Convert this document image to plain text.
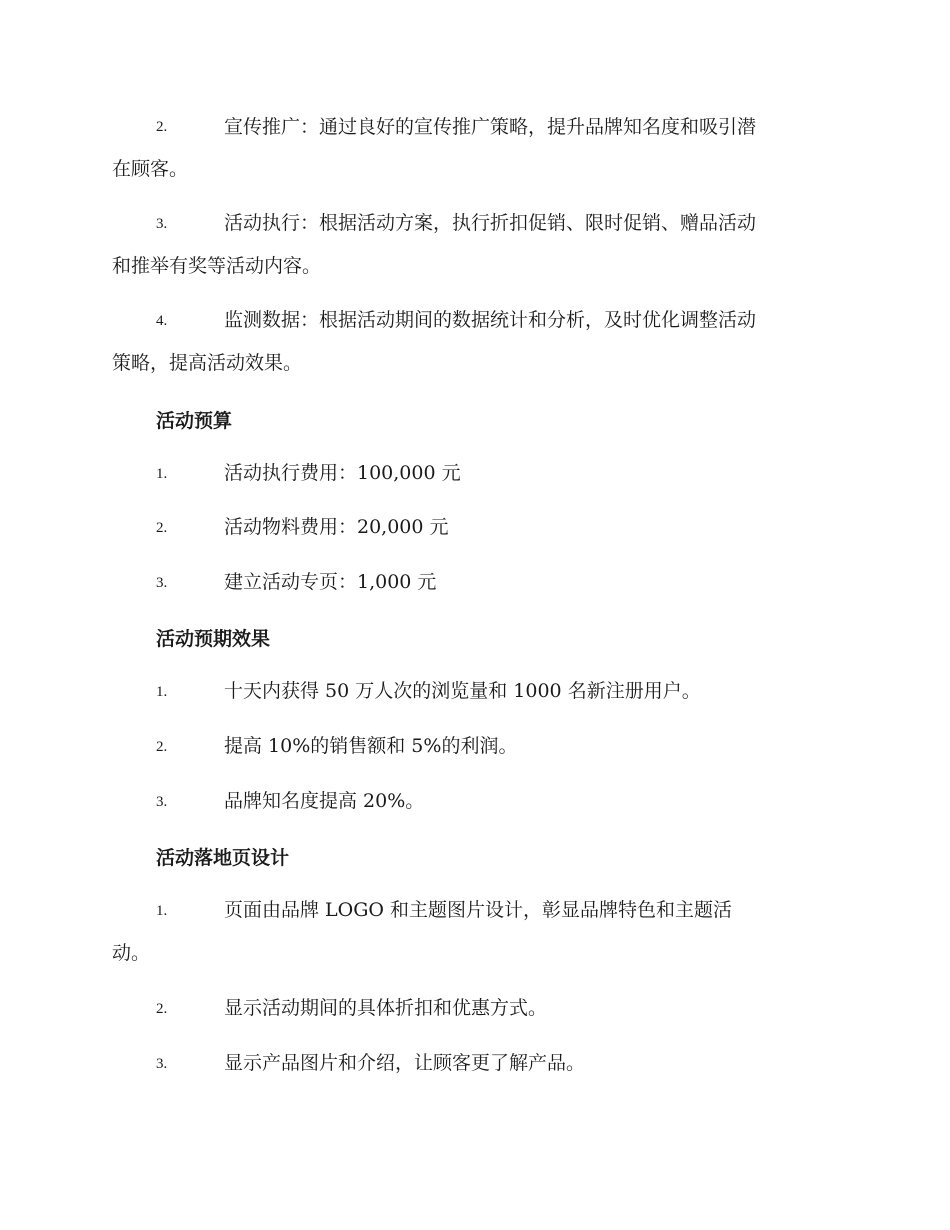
2.	宣传推广：通过良好的宣传推广策略，提升品牌知名度和吸引潜
在顾客。
3.	活动执行：根据活动方案，执行折扣促销、限时促销、赠品活动
和推举有奖等活动内容。
4.	监测数据：根据活动期间的数据统计和分析，及时优化调整活动
策略，提高活动效果。
活动预算
1.	活动执行费用：100,000 元
2.	活动物料费用：20,000 元
3.	建立活动专页：1,000 元
活动预期效果
1.	十天内获得 50 万人次的浏览量和 1000 名新注册用户。
2.	提高 10%的销售额和 5%的利润。
3.	品牌知名度提高 20%。
活动落地页设计
1.	页面由品牌 LOGO 和主题图片设计，彰显品牌特色和主题活
动。
2.	显示活动期间的具体折扣和优惠方式。
3.	显示产品图片和介绍，让顾客更了解产品。
